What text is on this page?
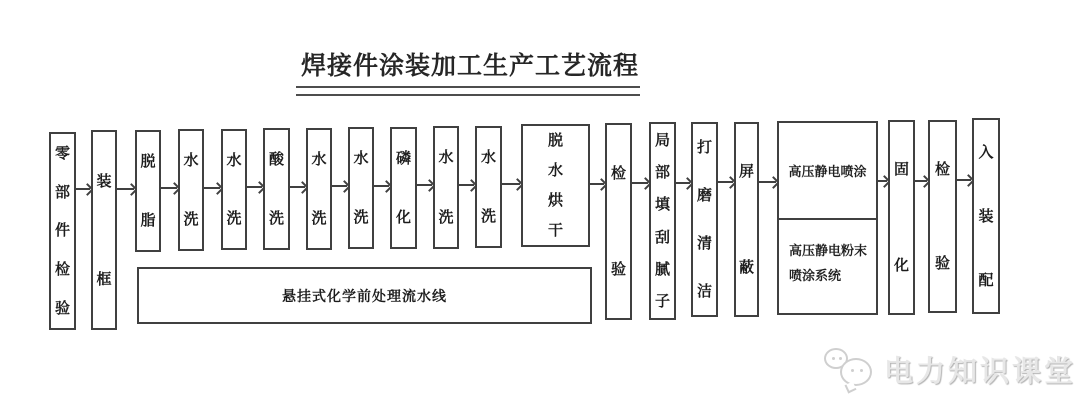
焊接件涂装加工生产工艺流程
零
部
件
检
验
装
框
脱
脂
水
洗
水
洗
酸
洗
水
洗
水
洗
磷
化
水
洗
水
洗
脱
水
烘
干
检
验
局
部
填
刮
腻
子
打
磨
清
洁
屏
蔽
高压静电喷涂
高压静电粉末喷涂系统
固
化
检
验
入
装
配
悬挂式化学前处理流水线
电力知识课堂
